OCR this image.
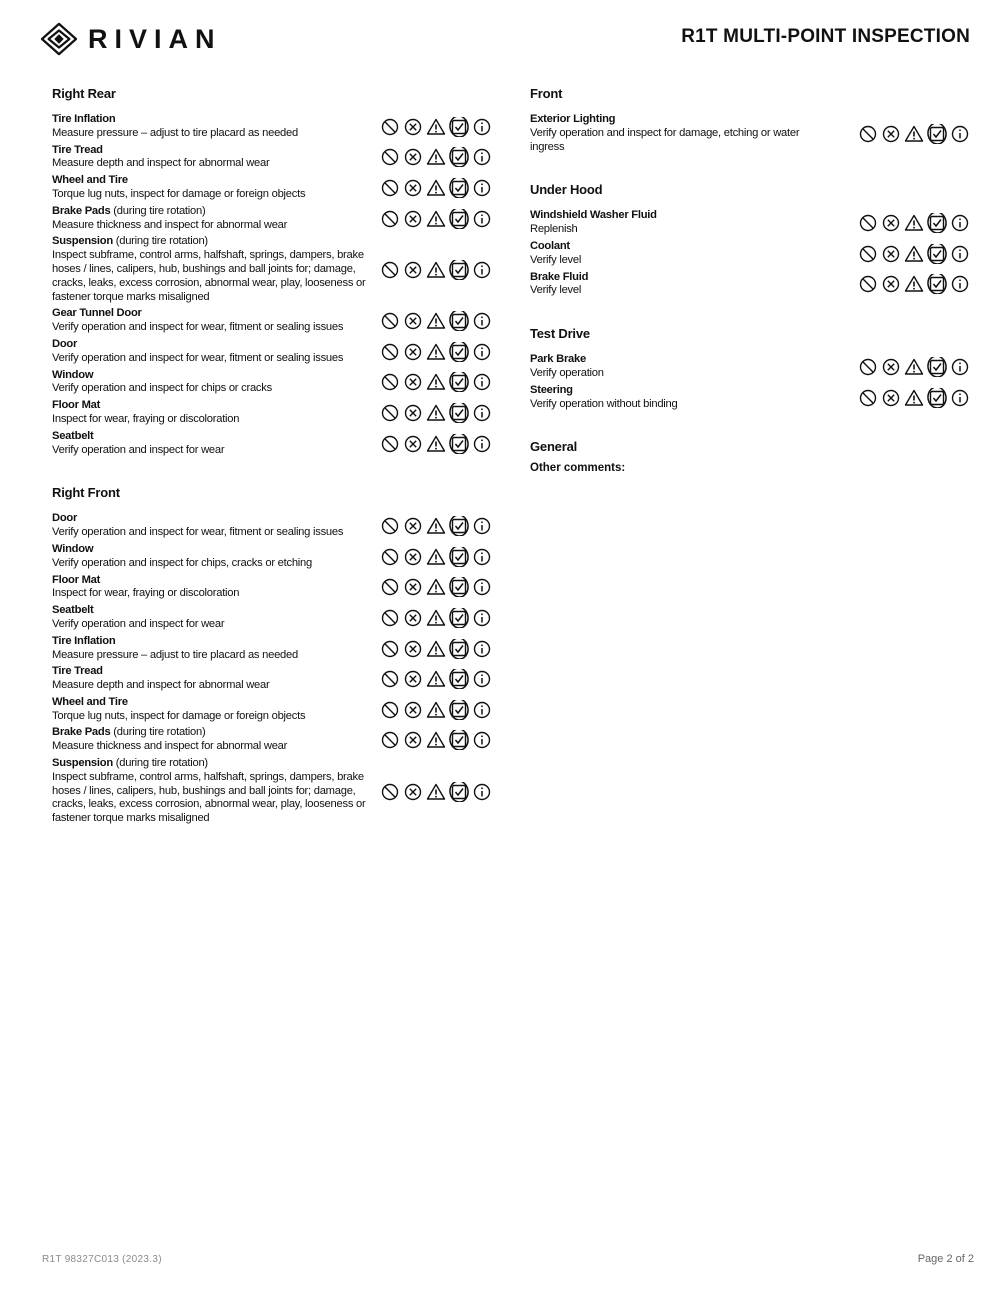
RIVIAN	R1T MULTI-POINT INSPECTION
Right Rear
Tire Inflation
Measure pressure – adjust to tire placard as needed
Tire Tread
Measure depth and inspect for abnormal wear
Wheel and Tire
Torque lug nuts, inspect for damage or foreign objects
Brake Pads (during tire rotation)
Measure thickness and inspect for abnormal wear
Suspension (during tire rotation)
Inspect subframe, control arms, halfshaft, springs, dampers, brake hoses / lines, calipers, hub, bushings and ball joints for; damage, cracks, leaks, excess corrosion, abnormal wear, play, looseness or fastener torque marks misaligned
Gear Tunnel Door
Verify operation and inspect for wear, fitment or sealing issues
Door
Verify operation and inspect for wear, fitment or sealing issues
Window
Verify operation and inspect for chips or cracks
Floor Mat
Inspect for wear, fraying or discoloration
Seatbelt
Verify operation and inspect for wear
Right Front
Door
Verify operation and inspect for wear, fitment or sealing issues
Window
Verify operation and inspect for chips, cracks or etching
Floor Mat
Inspect for wear, fraying or discoloration
Seatbelt
Verify operation and inspect for wear
Tire Inflation
Measure pressure – adjust to tire placard as needed
Tire Tread
Measure depth and inspect for abnormal wear
Wheel and Tire
Torque lug nuts, inspect for damage or foreign objects
Brake Pads (during tire rotation)
Measure thickness and inspect for abnormal wear
Suspension (during tire rotation)
Inspect subframe, control arms, halfshaft, springs, dampers, brake hoses / lines, calipers, hub, bushings and ball joints for; damage, cracks, leaks, excess corrosion, abnormal wear, play, looseness or fastener torque marks misaligned
Front
Exterior Lighting
Verify operation and inspect for damage, etching or water ingress
Under Hood
Windshield Washer Fluid
Replenish
Coolant
Verify level
Brake Fluid
Verify level
Test Drive
Park Brake
Verify operation
Steering
Verify operation without binding
General
Other comments:
R1T 98327C013 (2023.3)	Page 2 of 2
